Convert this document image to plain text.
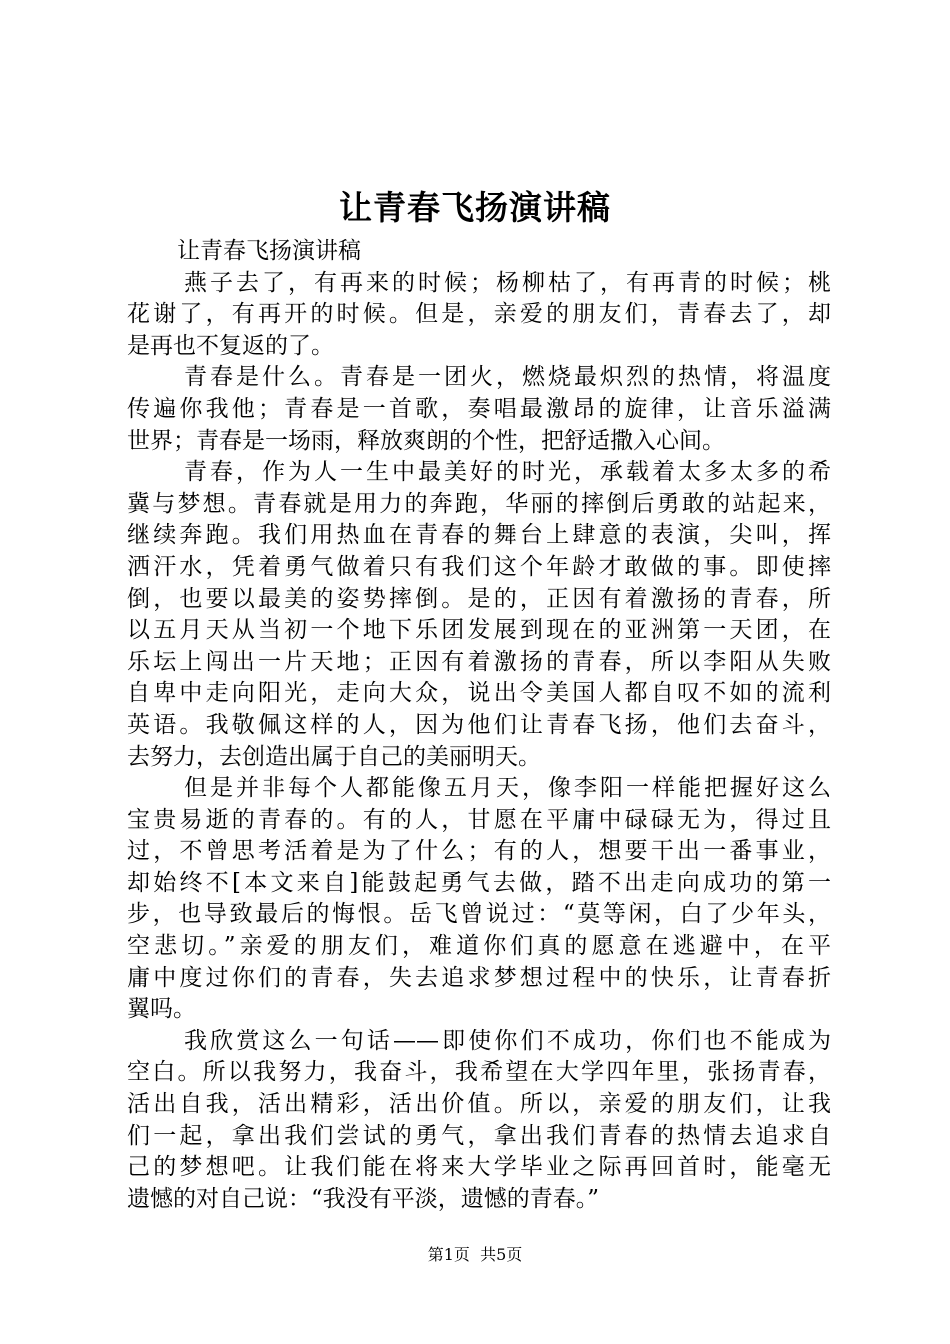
让青春飞扬演讲稿
让青春飞扬演讲稿
燕子去了，有再来的时候；杨柳枯了，有再青的时候；桃
花谢了，有再开的时候。但是，亲爱的朋友们，青春去了，却
是再也不复返的了。
青春是什么。青春是一团火，燃烧最炽烈的热情，将温度
传遍你我他；青春是一首歌，奏唱最激昂的旋律，让音乐溢满
世界；青春是一场雨，释放爽朗的个性，把舒适撒入心间。
青春，作为人一生中最美好的时光，承载着太多太多的希
冀与梦想。青春就是用力的奔跑，华丽的摔倒后勇敢的站起来，
继续奔跑。我们用热血在青春的舞台上肆意的表演，尖叫，挥
洒汗水，凭着勇气做着只有我们这个年龄才敢做的事。即使摔
倒，也要以最美的姿势摔倒。是的，正因有着激扬的青春，所
以五月天从当初一个地下乐团发展到现在的亚洲第一天团，在
乐坛上闯出一片天地；正因有着激扬的青春，所以李阳从失败
自卑中走向阳光，走向大众，说出令美国人都自叹不如的流利
英语。我敬佩这样的人，因为他们让青春飞扬，他们去奋斗，
去努力，去创造出属于自己的美丽明天。
但是并非每个人都能像五月天，像李阳一样能把握好这么
宝贵易逝的青春的。有的人，甘愿在平庸中碌碌无为，得过且
过，不曾思考活着是为了什么；有的人，想要干出一番事业，
却始终不[本文来自]能鼓起勇气去做，踏不出走向成功的第一
步，也导致最后的悔恨。岳飞曾说过：“莫等闲，白了少年头，
空悲切。”亲爱的朋友们，难道你们真的愿意在逃避中，在平
庸中度过你们的青春，失去追求梦想过程中的快乐，让青春折
翼吗。
我欣赏这么一句话——即使你们不成功，你们也不能成为
空白。所以我努力，我奋斗，我希望在大学四年里，张扬青春，
活出自我，活出精彩，活出价值。所以，亲爱的朋友们，让我
们一起，拿出我们尝试的勇气，拿出我们青春的热情去追求自
己的梦想吧。让我们能在将来大学毕业之际再回首时，能毫无
遗憾的对自己说：“我没有平淡，遗憾的青春。”
第1页 共5页
